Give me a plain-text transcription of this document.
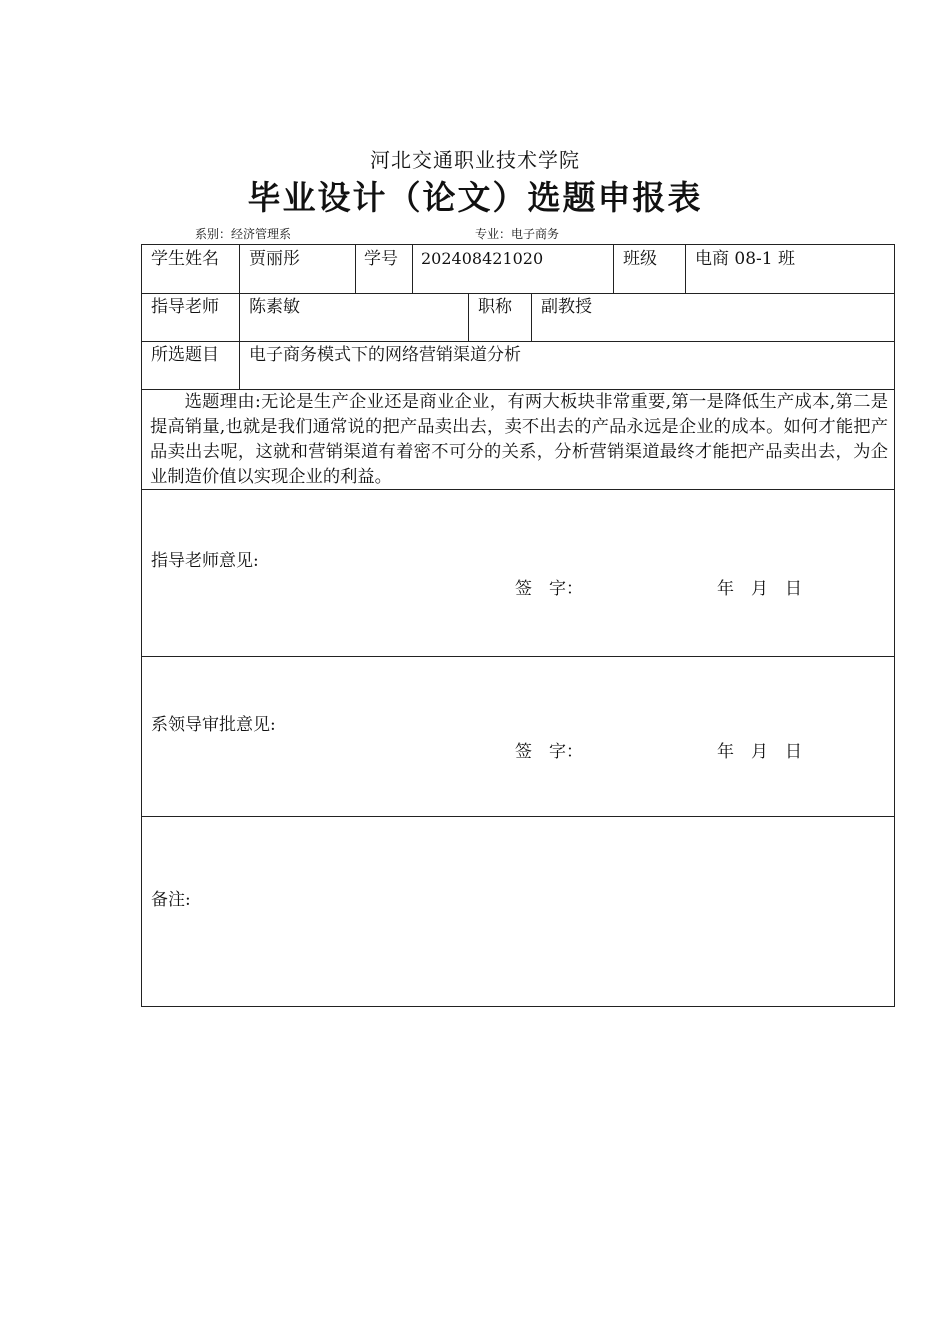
河北交通职业技术学院
毕业设计（论文）选题申报表
系别：经济管理系	专业：电子商务
学生姓名 贾丽彤	学号 202408421020	班级 电商 08-1 班
指导老师 陈素敏	职称 副教授
所选题目 电子商务模式下的网络营销渠道分析
选题理由:无论是生产企业还是商业企业，有两大板块非常重要,第一是降低生产成本,第二是提高销量,也就是我们通常说的把产品卖出去，卖不出去的产品永远是企业的成本。如何才能把产品卖出去呢，这就和营销渠道有着密不可分的关系，分析营销渠道最终才能把产品卖出去，为企业制造价值以实现企业的利益。
指导老师意见:
签　字：	年　月　日
系领导审批意见:
签　字：	年　月　日
备注:
